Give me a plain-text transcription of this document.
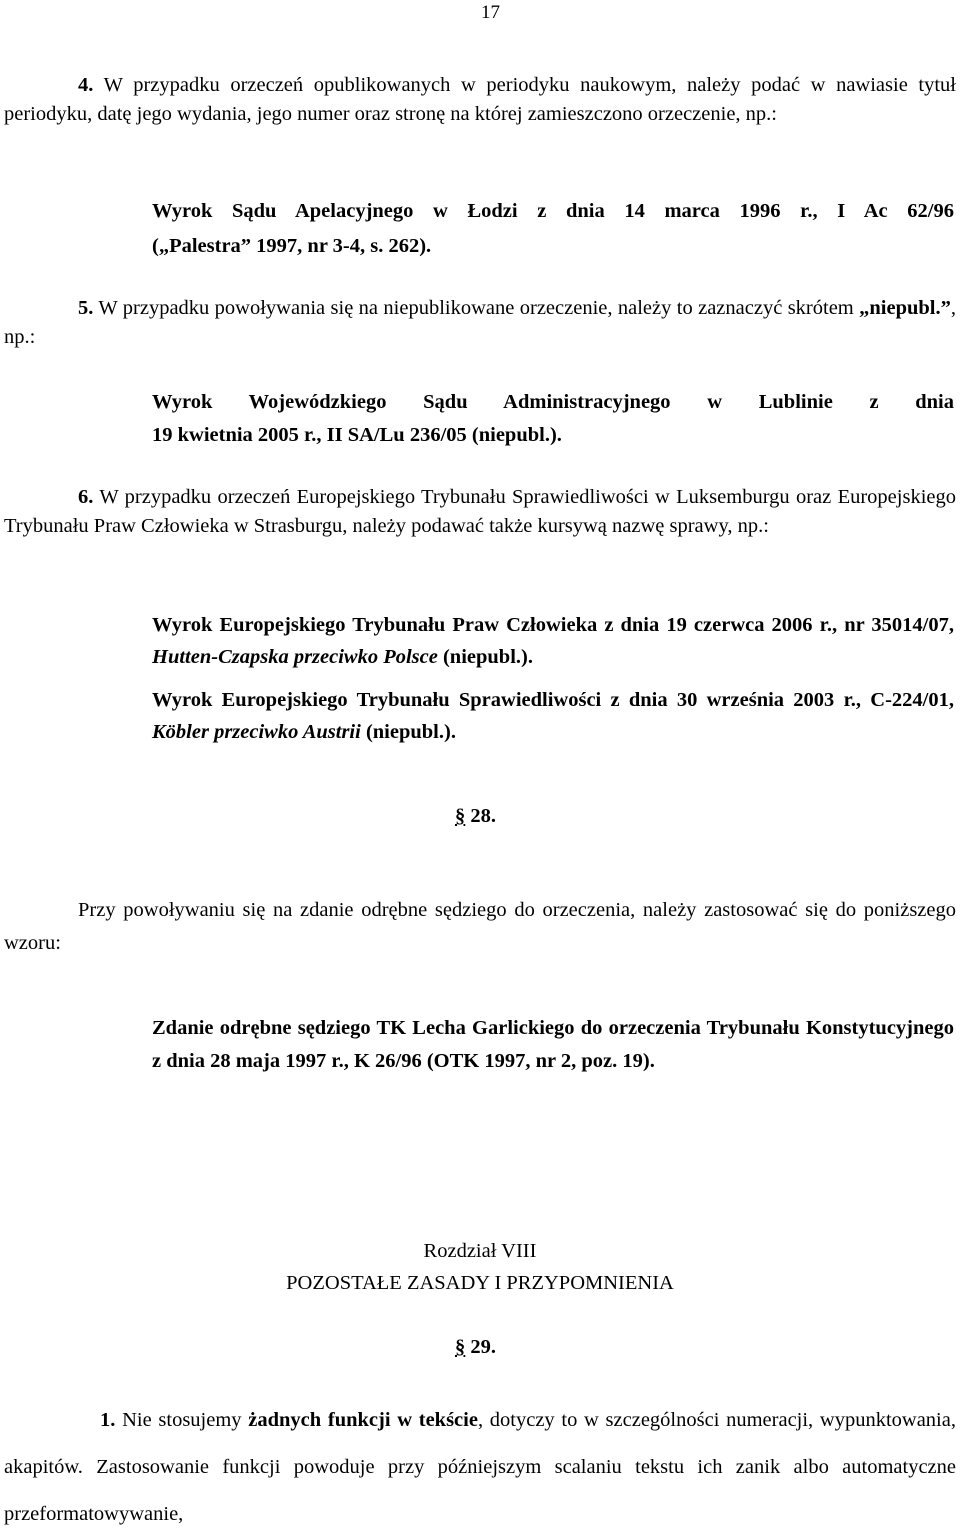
17

4. W przypadku orzeczeń opublikowanych w periodyku naukowym, należy podać w nawiasie tytuł periodyku, datę jego wydania, jego numer oraz stronę na której zamieszczono orzeczenie, np.:

Wyrok Sądu Apelacyjnego w Łodzi z dnia 14 marca 1996 r., I Ac 62/96

(„Palestra” 1997, nr 3-4, s. 262).

5. W przypadku powoływania się na niepublikowane orzeczenie, należy to zaznaczyć skrótem „niepubl.”, np.:

Wyrok Wojewódzkiego Sądu Administracyjnego w Lublinie z dnia

19 kwietnia 2005 r., II SA/Lu 236/05 (niepubl.).

6. W przypadku orzeczeń Europejskiego Trybunału Sprawiedliwości w Luksemburgu oraz Europejskiego Trybunału Praw Człowieka w Strasburgu, należy podawać także kursywą nazwę sprawy, np.:

Wyrok Europejskiego Trybunału Praw Człowieka z dnia 19 czerwca 2006 r., nr 35014/07, Hutten-Czapska przeciwko Polsce (niepubl.).

Wyrok Europejskiego Trybunału Sprawiedliwości z dnia 30 września 2003 r., C-224/01, Köbler przeciwko Austrii (niepubl.).

§ 28.

Przy powoływaniu się na zdanie odrębne sędziego do orzeczenia, należy zastosować się do poniższego wzoru:

Zdanie odrębne sędziego TK Lecha Garlickiego do orzeczenia Trybunału Konstytucyjnego z dnia 28 maja 1997 r., K 26/96 (OTK 1997, nr 2, poz. 19).

Rozdział VIII
POZOSTAŁE ZASADY I PRZYPOMNIENIA
§ 29.

1. Nie stosujemy żadnych funkcji w tekście, dotyczy to w szczególności numeracji, wypunktowania, akapitów. Zastosowanie funkcji powoduje przy późniejszym scalaniu tekstu ich zanik albo automatyczne przeformatowywanie,
